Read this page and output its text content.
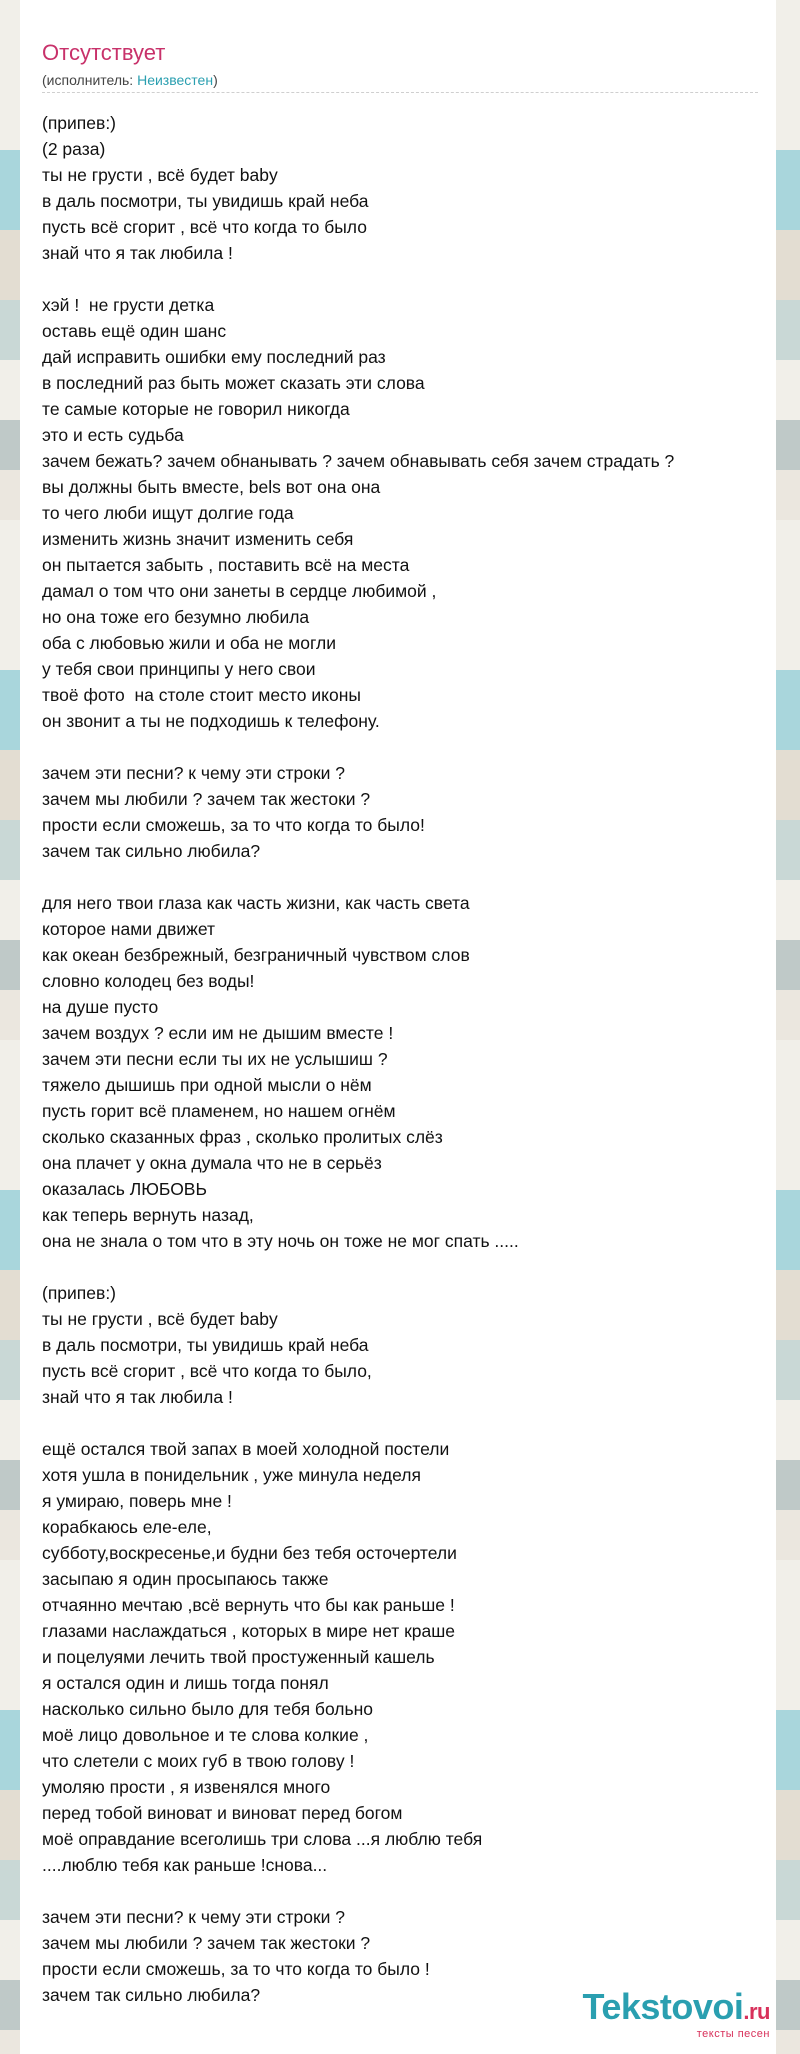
Отсутствует
(исполнитель: Неизвестен)
(припев:)
(2 раза)
ты не грусти , всё будет baby
в даль посмотри, ты увидишь край неба
пусть всё сгорит , всё что когда то было
знай что я так любила !

хэй !  не грусти детка
оставь ещё один шанс
дай исправить ошибки ему последний раз
в последний раз быть может сказать эти слова
те самые которые не говорил никогда
это и есть судьба
зачем бежать? зачем обнанывать ? зачем обнавывать себя зачем страдать ?
вы должны быть вместе, bels вот она она
то чего люби ищут долгие года
изменить жизнь значит изменить себя
он пытается забыть , поставить всё на места
дамал о том что они занеты в сердце любимой ,
но она тоже его безумно любила
оба с любовью жили и оба не могли
у тебя свои принципы у него свои
твоё фото  на столе стоит место иконы
он звонит а ты не подходишь к телефону.

зачем эти песни? к чему эти строки ?
зачем мы любили ? зачем так жестоки ?
прости если сможешь, за то что когда то было!
зачем так сильно любила?

для него твои глаза как часть жизни, как часть света
которое нами движет
как океан безбрежный, безграничный чувством слов
словно колодец без воды!
на душе пусто
зачем воздух ? если им не дышим вместе !
зачем эти песни если ты их не услышиш ?
тяжело дышишь при одной мысли о нём
пусть горит всё пламенем, но нашем огнём
сколько сказанных фраз , сколько пролитых слёз
она плачет у окна думала что не в серьёз
оказалась ЛЮБОВЬ
как теперь вернуть назад,
она не знала о том что в эту ночь он тоже не мог спать .....

(припев:)
ты не грусти , всё будет baby
в даль посмотри, ты увидишь край неба
пусть всё сгорит , всё что когда то было,
знай что я так любила !

ещё остался твой запах в моей холодной постели
хотя ушла в понидельник , уже минула неделя
я умираю, поверь мне !
корабкаюсь еле-еле,
субботу,воскресенье,и будни без тебя осточертели
засыпаю я один просыпаюсь также
отчаянно мечтаю ,всё вернуть что бы как раньше !
глазами наслаждаться , которых в мире нет краше
и поцелуями лечить твой простуженный кашель
я остался один и лишь тогда понял
насколько сильно было для тебя больно
моё лицо довольное и те слова колкие ,
что слетели с моих губ в твою голову !
умоляю прости , я извенялся много
перед тобой виноват и виноват перед богом
моё оправдание всеголишь три слова ...я люблю тебя
....люблю тебя как раньше !снова...

зачем эти песни? к чему эти строки ?
зачем мы любили ? зачем так жестоки ?
прости если сможешь, за то что когда то было !
зачем так сильно любила?	Tekstovoi.ru
тексты песен
